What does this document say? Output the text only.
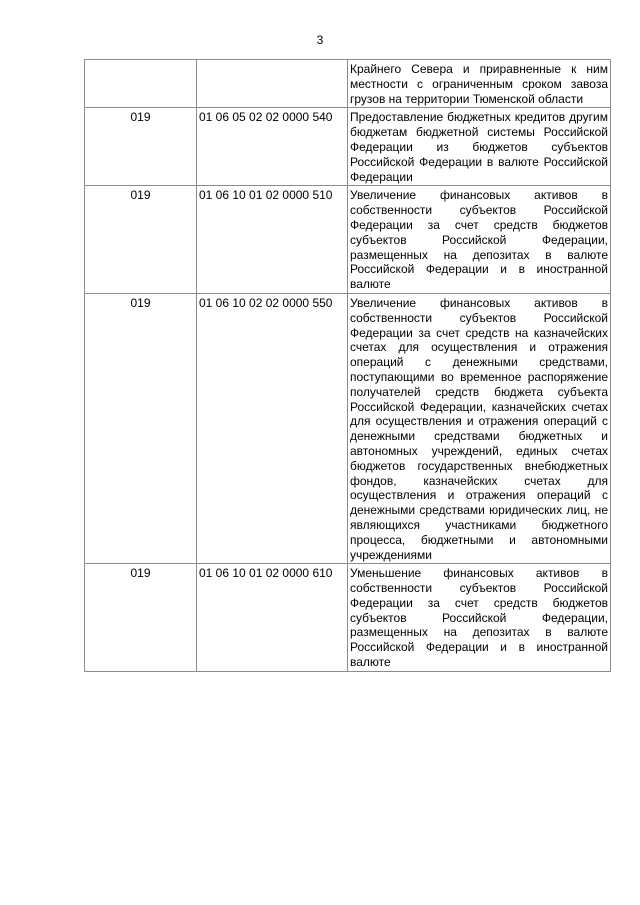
3
		Крайнего Севера и приравненные к ним местности с ограниченным сроком завоза грузов на территории Тюменской области
019	01 06 05 02 02 0000 540	Предоставление бюджетных кредитов другим бюджетам бюджетной системы Российской Федерации из бюджетов субъектов Российской Федерации в валюте Российской Федерации
019	01 06 10 01 02 0000 510	Увеличение финансовых активов в собственности субъектов Российской Федерации за счет средств бюджетов субъектов Российской Федерации, размещенных на депозитах в валюте Российской Федерации и в иностранной валюте
019	01 06 10 02 02 0000 550	Увеличение финансовых активов в собственности субъектов Российской Федерации за счет средств на казначейских счетах для осуществления и отражения операций с денежными средствами, поступающими во временное распоряжение получателей средств бюджета субъекта Российской Федерации, казначейских счетах для осуществления и отражения операций с денежными средствами бюджетных и автономных учреждений, единых счетах бюджетов государственных внебюджетных фондов, казначейских счетах для осуществления и отражения операций с денежными средствами юридических лиц, не являющихся участниками бюджетного процесса, бюджетными и автономными учреждениями
019	01 06 10 01 02 0000 610	Уменьшение финансовых активов в собственности субъектов Российской Федерации за счет средств бюджетов субъектов Российской Федерации, размещенных на депозитах в валюте Российской Федерации и в иностранной валюте
